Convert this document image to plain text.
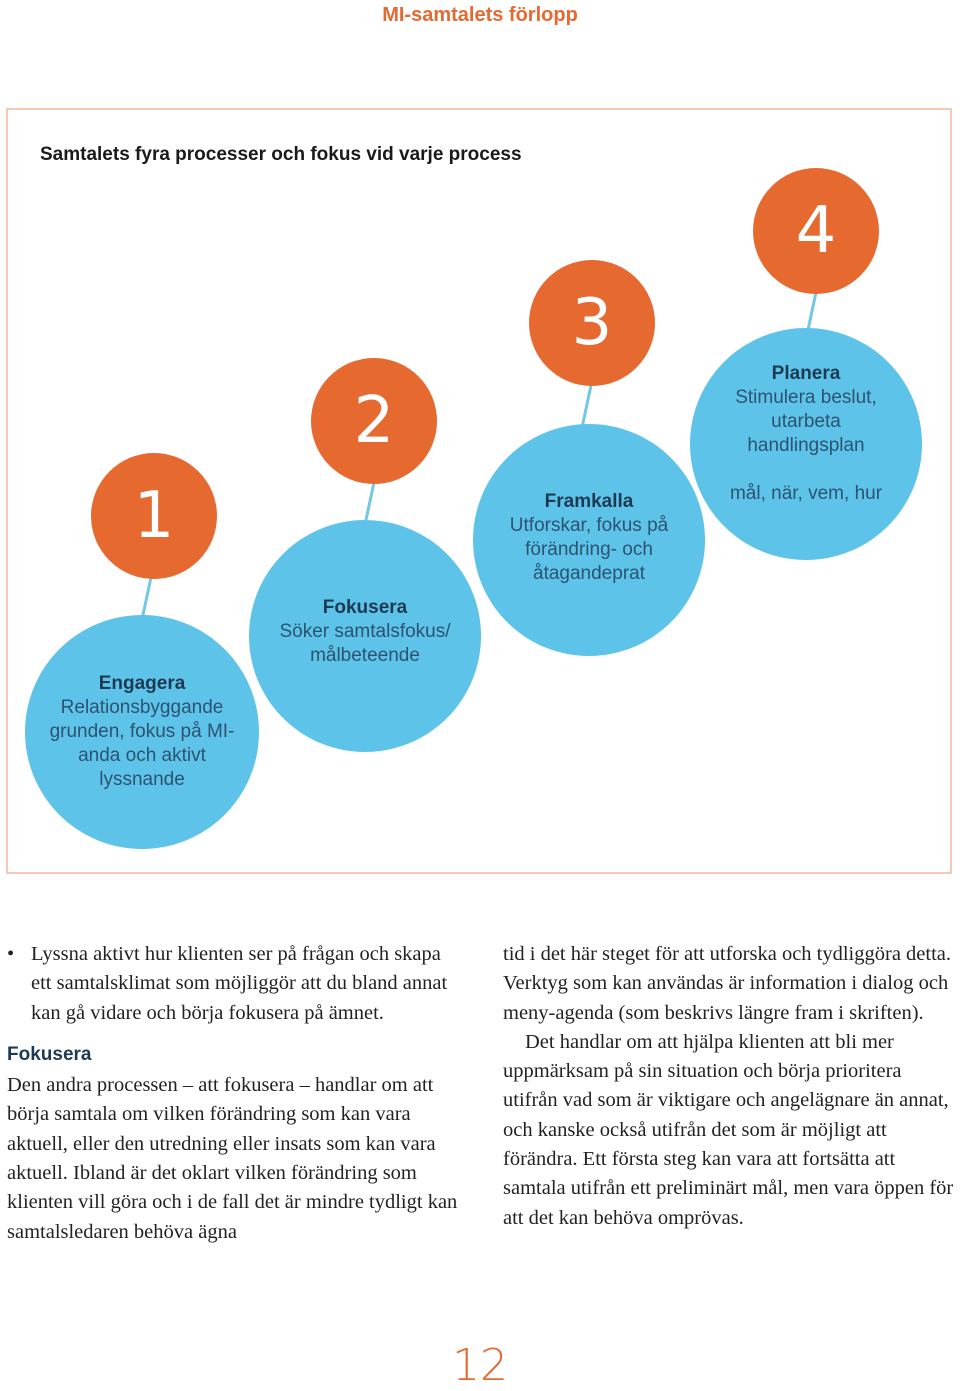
MI-samtalets förlopp
Samtalets fyra processer och fokus vid varje process
Engagera
Relationsbyggande grunden, fokus på MI-anda och aktivt lyssnande
Fokusera
Söker samtalsfokus/ målbeteende
Framkalla
Utforskar, fokus på förändring- och åtagandeprat
Planera
Stimulera beslut, utarbeta handlingsplan
mål, när, vem, hur
1
2
3
4
• Lyssna aktivt hur klienten ser på frågan och skapa ett samtalsklimat som möjliggör att du bland annat kan gå vidare och börja fokusera på ämnet.

Fokusera

Den andra processen – att fokusera – handlar om att börja samtala om vilken förändring som kan vara aktuell, eller den utredning eller insats som kan vara aktuell. Ibland är det oklart vilken förändring som klienten vill göra och i de fall det är mindre tydligt kan samtalsledaren behöva ägna

tid i det här steget för att utforska och tydliggöra detta. Verktyg som kan användas är information i dialog och meny-agenda (som beskrivs längre fram i skriften).

Det handlar om att hjälpa klienten att bli mer uppmärksam på sin situation och börja prioritera utifrån vad som är viktigare och angelägnare än annat, och kanske också utifrån det som är möjligt att förändra. Ett första steg kan vara att fortsätta att samtala utifrån ett preliminärt mål, men vara öppen för att det kan behöva omprövas.

12
